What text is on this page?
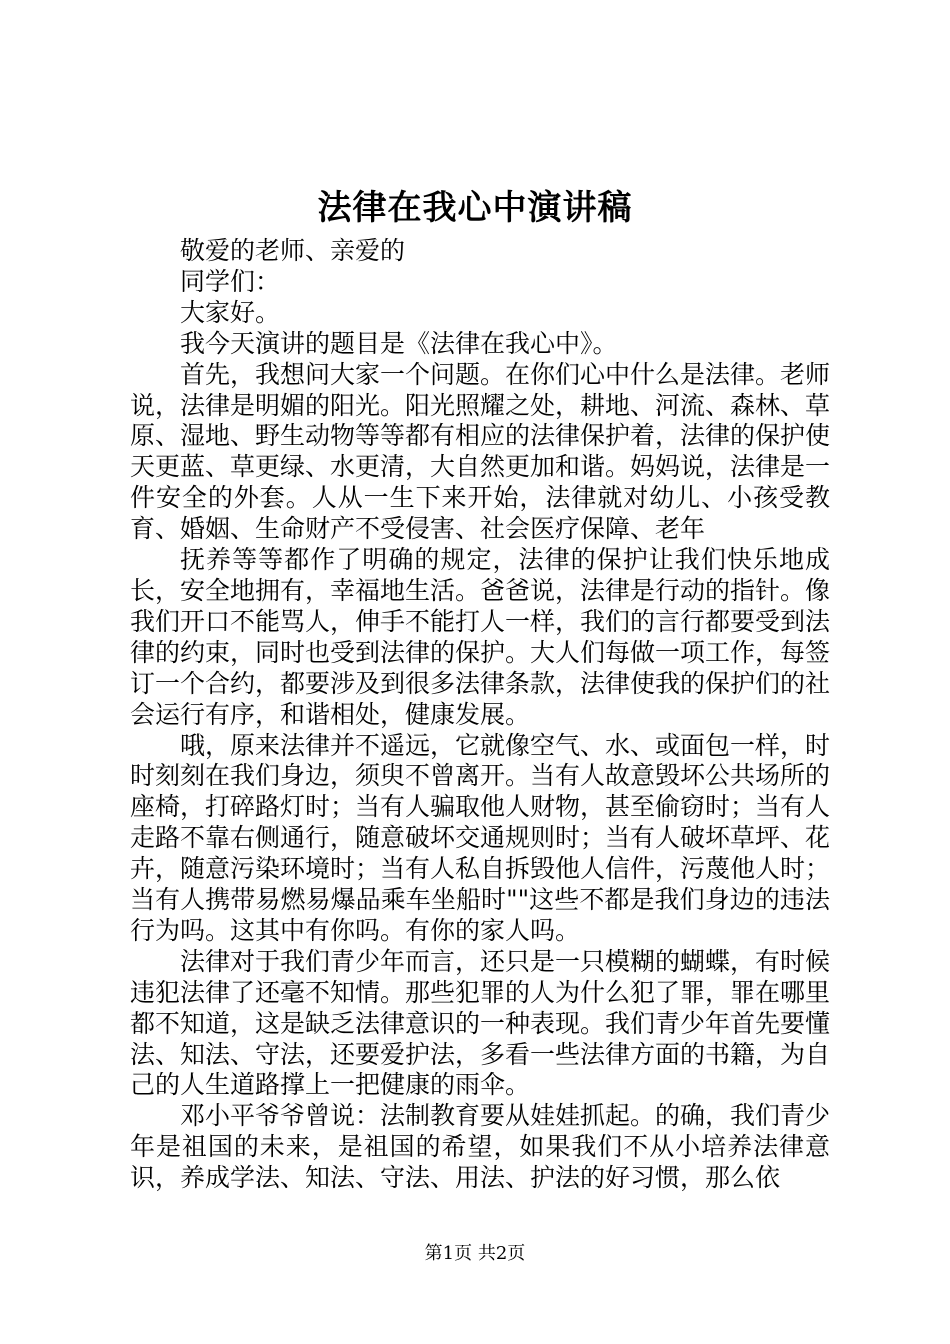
法律在我心中演讲稿

敬爱的老师、亲爱的

同学们：

大家好。

我今天演讲的题目是《法律在我心中》。

首先，我想问大家一个问题。在你们心中什么是法律。老师说，法律是明媚的阳光。阳光照耀之处，耕地、河流、森林、草原、湿地、野生动物等等都有相应的法律保护着，法律的保护使天更蓝、草更绿、水更清，大自然更加和谐。妈妈说，法律是一件安全的外套。人从一生下来开始，法律就对幼儿、小孩受教育、婚姻、生命财产不受侵害、社会医疗保障、老年

抚养等等都作了明确的规定，法律的保护让我们快乐地成长，安全地拥有，幸福地生活。爸爸说，法律是行动的指针。像我们开口不能骂人，伸手不能打人一样，我们的言行都要受到法律的约束，同时也受到法律的保护。大人们每做一项工作，每签订一个合约，都要涉及到很多法律条款，法律使我的保护们的社会运行有序，和谐相处，健康发展。

哦，原来法律并不遥远，它就像空气、水、或面包一样，时时刻刻在我们身边，须臾不曾离开。当有人故意毁坏公共场所的座椅，打碎路灯时；当有人骗取他人财物，甚至偷窃时；当有人走路不靠右侧通行，随意破坏交通规则时；当有人破坏草坪、花卉，随意污染环境时；当有人私自拆毁他人信件，污蔑他人时；当有人携带易燃易爆品乘车坐船时""这些不都是我们身边的违法行为吗。这其中有你吗。有你的家人吗。

法律对于我们青少年而言，还只是一只模糊的蝴蝶，有时候违犯法律了还毫不知情。那些犯罪的人为什么犯了罪，罪在哪里都不知道，这是缺乏法律意识的一种表现。我们青少年首先要懂法、知法、守法，还要爱护法，多看一些法律方面的书籍，为自己的人生道路撑上一把健康的雨伞。

邓小平爷爷曾说：法制教育要从娃娃抓起。的确，我们青少年是祖国的未来，是祖国的希望，如果我们不从小培养法律意识，养成学法、知法、守法、用法、护法的好习惯，那么依

第1页 共2页
